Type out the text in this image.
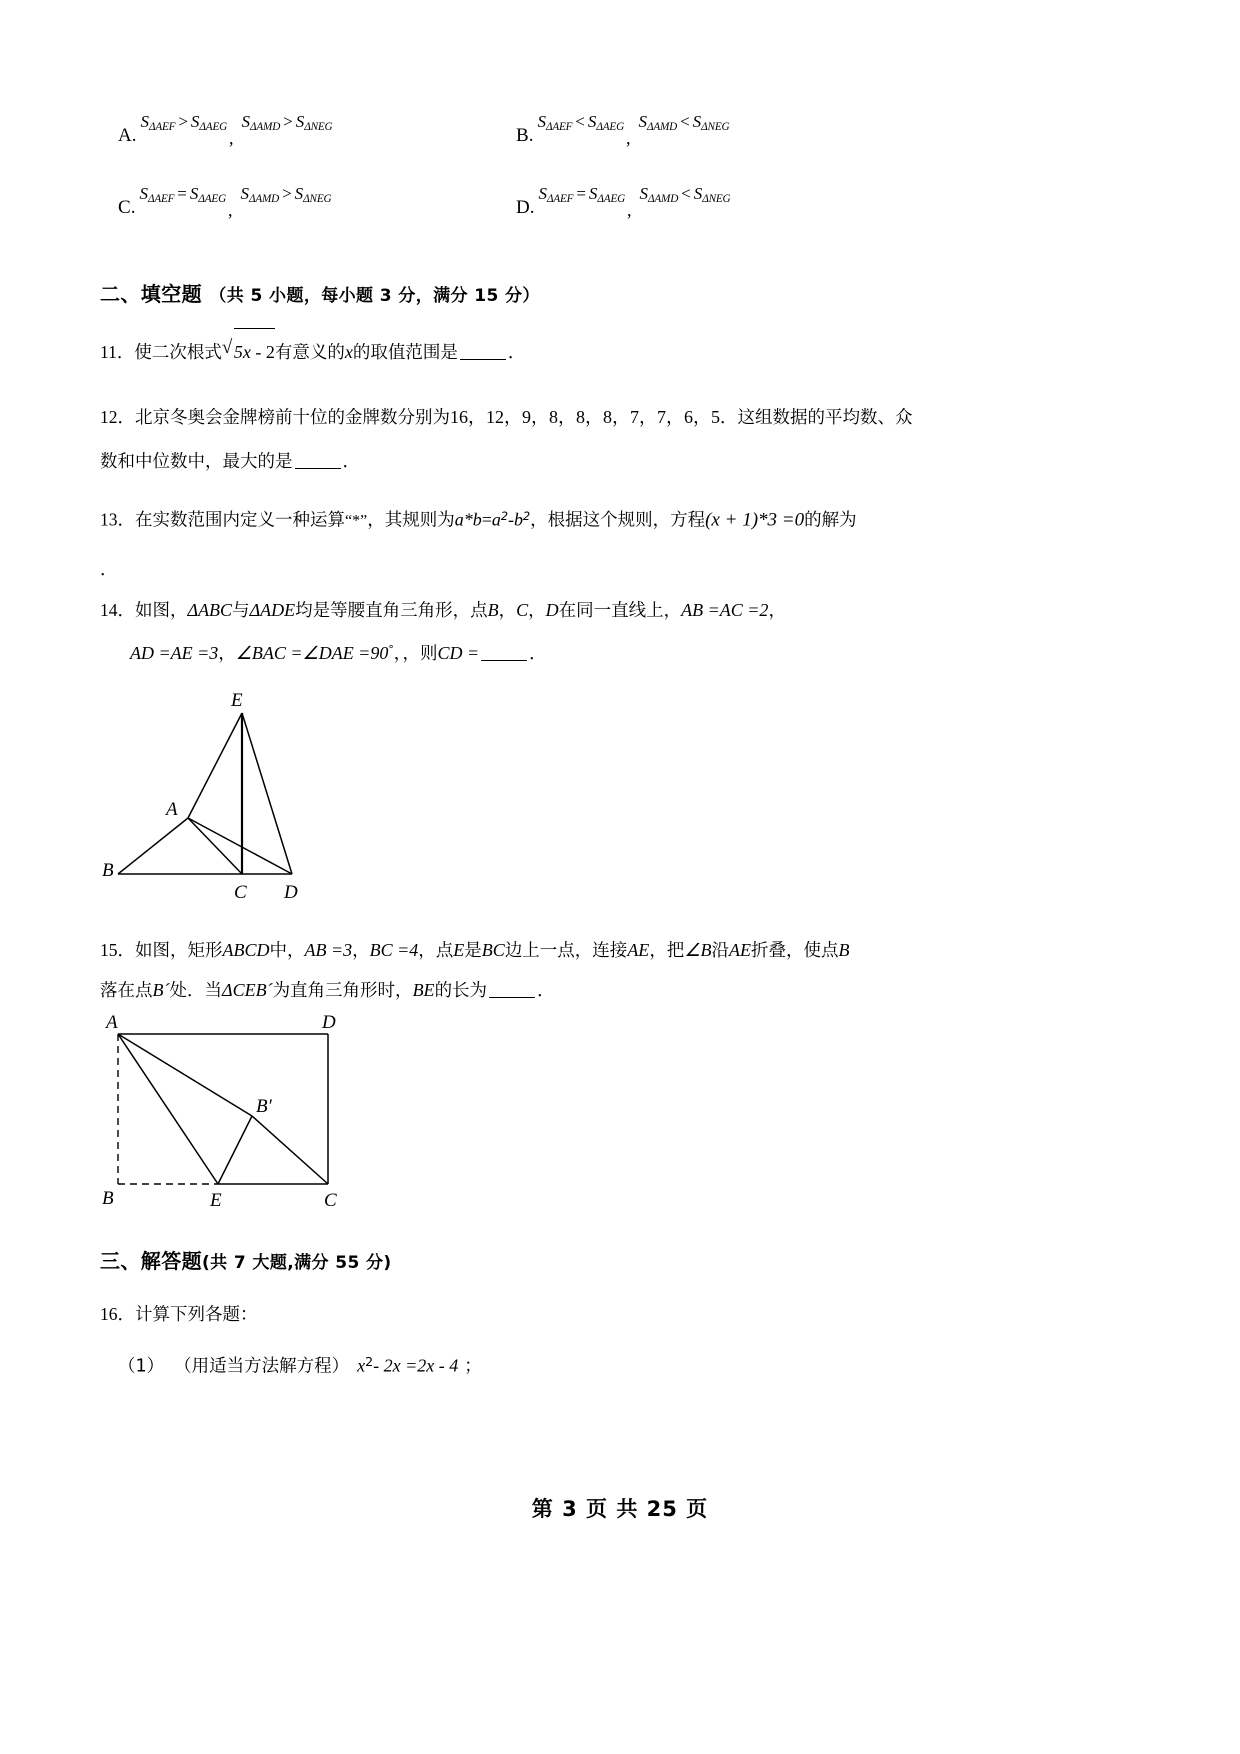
A.
$S_{\Delta AEF} > S_{\Delta AEG}$
,
$S_{\Delta AMD} > S_{\Delta NEG}$	B.
$S_{\Delta AEF} < S_{\Delta AEG}$
,
$S_{\Delta AMD} < S_{\Delta NEG}$
C.
$S_{\Delta AEF} = S_{\Delta AEG}$
,
$S_{\Delta AMD} > S_{\Delta NEG}$	D.
$S_{\Delta AEF} = S_{\Delta AEG}$
,
$S_{\Delta AMD} < S_{\Delta NEG}$
二、填空题 （共 5 小题，每小题 3 分，满分 15 分）
11．使二次根式 √ 5x - 2有意义的x的取值范围是	．
12．北京冬奥会金牌榜前十位的金牌数分别为16，12，9，8，8，8，7，7，6，5．这组数据的平均数、众
数和中位数中，最大的是	．
13．在实数范围内定义一种运算“*”，其规则为$a*b=a^2-b^2$，根据这个规则，方程(x + 1)*3 =0的解为
．
14．如图，ΔABC与ΔADE均是等腰直角三角形，点B，C，D在同一直线上，AB =AC =2，
AD =AE =3，∠BAC =∠DAE =90°，，则CD =	．
E
A
B
C D
15．如图，矩形ABCD中，AB =3，BC =4，点E是BC边上一点，连接AE，把∠B沿AE折叠，使点B
落在点B´处．当ΔCEB´为直角三角形时，BE的长为	．
A	D
B′
B	E	C
三、解答题(共 7 大题,满分 55 分)
16．计算下列各题：
（1） （用适当方法解方程） $x^2-$ 2x =2x - 4 ；
第 3 页 共 25 页
